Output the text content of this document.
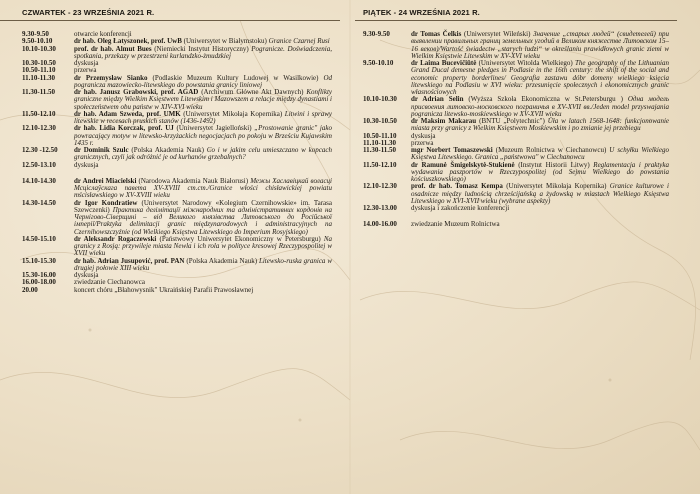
CZWARTEK - 23 WRZEŚNIA 2021 R.
9.30-9.50	otwarcie konferencji
9.50-10.10	dr hab. Oleg Łatyszonek, prof. UwB (Uniwersytet w Białymstoku) Granice Czarnej Rusi
10.10-10.30	prof. dr hab. Almut Bues (Niemiecki Instytut Historyczny) Pogranicze. Doświadczenia, spotkania, przekazy w przestrzeni kurlandzko-żmudzkiej
10.30-10.50	dyskusja
10.50-11.10	przerwa
11.10-11.30	dr Przemysław Sianko (Podlaskie Muzeum Kultury Ludowej w Wasilkowie) Od pogranicza mazowiecko-litewskiego do powstania granicy liniowej
11.30-11.50	dr hab. Janusz Grabowski, prof. AGAD (Archiwum Główne Akt Dawnych) Konflikty graniczne między Wielkim Księstwem Litewskim i Mazowszem a relacje między dynastiami i społeczeństwem obu państw w XIV-XVI wieku
11.50-12.10	dr hab. Adam Szweda, prof. UMK (Uniwersytet Mikołaja Kopernika) Litwini i sprawy litewskie w recesach pruskich stanów (1436-1492)
12.10-12.30	dr hab. Lidia Korczak, prof. UJ (Uniwersytet Jagielloński) „Prostowanie granic" jako powracający motyw w litewsko-krzyżackich negocjacjach po pokoju w Brześciu Kujawskim 1435 r.
12.30 -12.50	dr Dominik Szulc (Polska Akademia Nauk) Co i w jakim celu umieszczano w kopcach granicznych, czyli jak odróżnić je od kurhanów grzebalnych?
12.50-13.10	dyskusja
14.10-14.30	dr Andrei Miacielski (Narodowa Akademia Nauk Białorusi) Межы Хаславіцкай воласці Мсціслаўскага павета XV-XVIII ст.ст./Granice włości chisławickiej powiatu mścisławskiego w XV-XVIII wieku
14.30-14.50	dr Igor Kondratiew (Uniwersytet Narodowy «Kolegium Czernihowskie» im. Tarasa Szewczenki) Практика делімітації міжнародних та адміністративних кордонів на Чернігово-Сіверщині – від Великого князівства Литовського до Російської імперії/Praktyka delimitacji granic międzynarodowych i administracyjnych na Czernihowszczyźnie (od Wielkiego Księstwa Litewskiego do Imperium Rosyjskiego)
14.50-15.10	dr Aleksandr Rogaczewski (Państwowy Uniwersytet Ekonomiczny w Petersburgu) Na granicy z Rosją: przywileje miasta Newla i ich rola w polityce kresowej Rzeczypospolitej w XVII wieku
15.10-15.30	dr hab. Adrian Jusupović, prof. PAN (Polska Akademia Nauk) Litewsko-ruska granica w drugiej połowie XIII wieku
15.30-16.00	dyskusja
16.00-18.00	zwiedzanie Ciechanowca
20.00	koncert chóru „Błahowysnik" Ukraińskiej Parafii Prawosławnej
PIĄTEK - 24 WRZEŚNIA 2021 R.
9.30-9.50	dr Tomas Čelkis (Uniwersytet Wileński) Значение „старых людей“ (свидетелей) при выявлении правильных границ земельных угодий в Великом княжестве Литовском 15–16 веков)/Wartość świadectw „starych ludzi“ w określaniu prawidłowych granic ziemi w Wielkim Księstwie Litewskim w XV-XVI wieku
9.50-10.10	dr Laima Bucevičiūtė (Uniwersytet Witolda Wielkiego) The geography of the Lithuanian Grand Ducal demesne pledges in Podlasie in the 16th century: the shift of the social and economic property borderlines/ Geografia zastawu dóbr domeny wielkiego księcia litewskiego na Podlasiu w XVI wieku: przesunięcie społecznych i ekonomicznych granic własnościowych
10.10-10.30	dr Adrian Selin (Wyższa Szkoła Ekonomiczna w St.Petersburgu ) Одна модель присвоения литовско-московского пограничья в XV-XVII вв./Jeden model przyswajania pogranicza litewsko-moskiewskiego w XV-XVII wieku
10.30-10.50	dr Maksim Makarau (BNTU „Polytechnic") Üła w latach 1568-1648: funkcjonowanie miasta przy granicy z Wielkim Księstwem Moskiewskim i po zmianie jej przebiegu
10.50-11.10	dyskusja
11.10-11.30	przerwa
11.30-11.50	mgr Norbert Tomaszewski (Muzeum Rolnictwa w Ciechanowcu) U schyłku Wielkiego Księstwa Litewskiego. Granica „państwowa" w Ciechanowcu
11.50-12.10	dr Ramunė Šmigelskytė-Stukienė (Instytut Historii Litwy) Reglamentacja i praktyka wydawania paszportów w Rzeczypospolitej (od Sejmu Wielkiego do powstania kościuszkowskiego)
12.10-12.30	prof. dr hab. Tomasz Kempa (Uniwersytet Mikołaja Kopernika) Granice kulturowe i osadnicze między ludnością chrześcijańską a żydowską w miastach Wielkiego Księstwa Litewskiego w XVI-XVII wieku (wybrane aspekty)
12.30-13.00	dyskusja i zakończenie konferencji
14.00-16.00	zwiedzanie Muzeum Rolnictwa
